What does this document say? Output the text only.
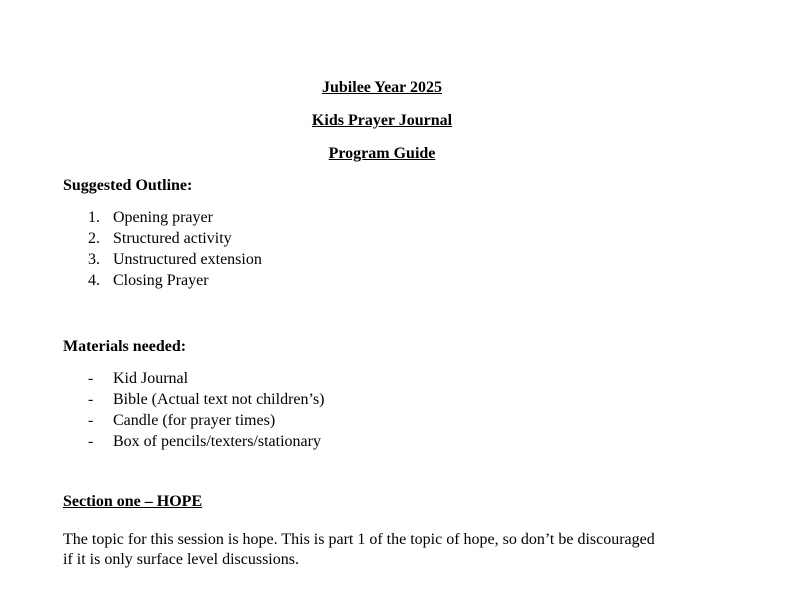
Jubilee Year 2025

Kids Prayer Journal

Program Guide

Suggested Outline:

1. Opening prayer
2. Structured activity
3. Unstructured extension
4. Closing Prayer

Materials needed:

-	Kid Journal
-	Bible (Actual text not children’s)
-	Candle (for prayer times)
-	Box of pencils/texters/stationary

Section one – HOPE

The topic for this session is hope. This is part 1 of the topic of hope, so don’t be discouraged
if it is only surface level discussions.
